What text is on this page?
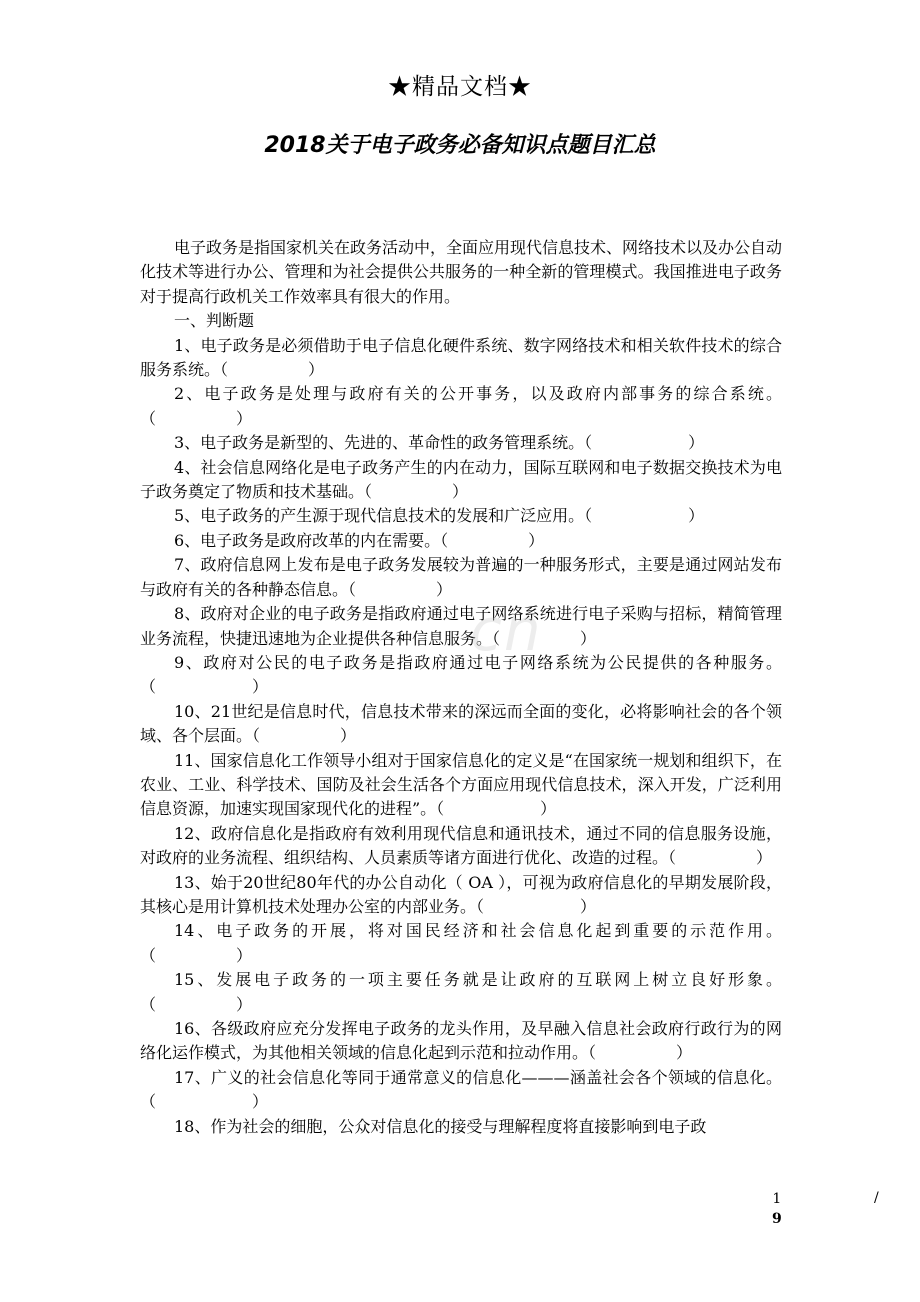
★精品文档★
2018关于电子政务必备知识点题目汇总

电子政务是指国家机关在政务活动中，全面应用现代信息技术、网络技术以及办公自动化技术等进行办公、管理和为社会提供公共服务的一种全新的管理模式。我国推进电子政务对于提高行政机关工作效率具有很大的作用。

一、判断题

1、电子政务是必须借助于电子信息化硬件系统、数字网络技术和相关软件技术的综合服务系统。（　　　　　）

2、电子政务是处理与政府有关的公开事务，以及政府内部事务的综合系统。（　　　　　）

3、电子政务是新型的、先进的、革命性的政务管理系统。（　　　　　　）

4、社会信息网络化是电子政务产生的内在动力，国际互联网和电子数据交换技术为电子政务奠定了物质和技术基础。（　　　　　）

5、电子政务的产生源于现代信息技术的发展和广泛应用。（　　　　　　）

6、电子政务是政府改革的内在需要。（　　　　　）

7、政府信息网上发布是电子政务发展较为普遍的一种服务形式，主要是通过网站发布与政府有关的各种静态信息。（　　　　　）

8、政府对企业的电子政务是指政府通过电子网络系统进行电子采购与招标，精简管理业务流程，快捷迅速地为企业提供各种信息服务。（　　　　　）

9、政府对公民的电子政务是指政府通过电子网络系统为公民提供的各种服务。（　　　　　　）

10、21世纪是信息时代，信息技术带来的深远而全面的变化，必将影响社会的各个领域、各个层面。（　　　　　）

11、国家信息化工作领导小组对于国家信息化的定义是“在国家统一规划和组织下，在农业、工业、科学技术、国防及社会生活各个方面应用现代信息技术，深入开发，广泛利用信息资源，加速实现国家现代化的进程”。（　　　　　　）

12、政府信息化是指政府有效利用现代信息和通讯技术，通过不同的信息服务设施，对政府的业务流程、组织结构、人员素质等诸方面进行优化、改造的过程。（　　　　　）

13、始于20世纪80年代的办公自动化（ OA ），可视为政府信息化的早期发展阶段，其核心是用计算机技术处理办公室的内部业务。（　　　　　　）

14、电子政务的开展，将对国民经济和社会信息化起到重要的示范作用。（　　　　　）

15、发展电子政务的一项主要任务就是让政府的互联网上树立良好形象。（　　　　　）

16、各级政府应充分发挥电子政务的龙头作用，及早融入信息社会政府行政行为的网络化运作模式，为其他相关领域的信息化起到示范和拉动作用。（　　　　　）

17、广义的社会信息化等同于通常意义的信息化———涵盖社会各个领域的信息化。（　　　　　　）

18、作为社会的细胞，公众对信息化的接受与理解程度将直接影响到电子政

cn
1
9
/
